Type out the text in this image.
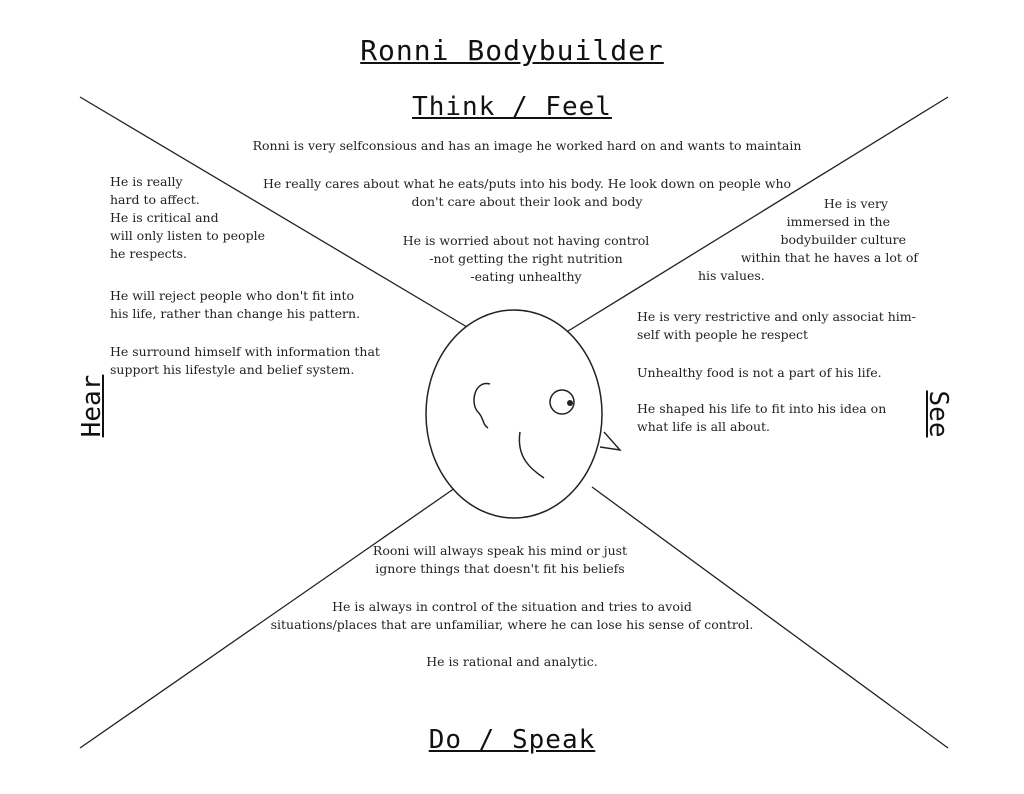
Ronni Bodybuilder
Think / Feel

Ronni is very selfconsious and has an image he worked hard on and wants to maintain

He really cares about what he eats/puts into his body. He look down on people who

don't care about their look and body

He is worried about not having control

-not getting the right nutrition

-eating unhealthy

Hear

He is really

hard to affect.

He is critical and

will only listen to people

he respects.

He will reject people who don't fit into

his life, rather than change his pattern.

He surround himself with information that

support his lifestyle and belief system.

See

He is very

immersed in the

bodybuilder culture

within that he haves a lot of

his values.

He is very restrictive and only associat him-

self with people he respect

Unhealthy food is not a part of his life.

He shaped his life to fit into his idea on

what life is all about.

Rooni will always speak his mind or just

ignore things that doesn't fit his beliefs

He is always in control of the situation and tries to avoid

situations/places that are unfamiliar, where he can lose his sense of control.

He is rational and analytic.

Do / Speak
